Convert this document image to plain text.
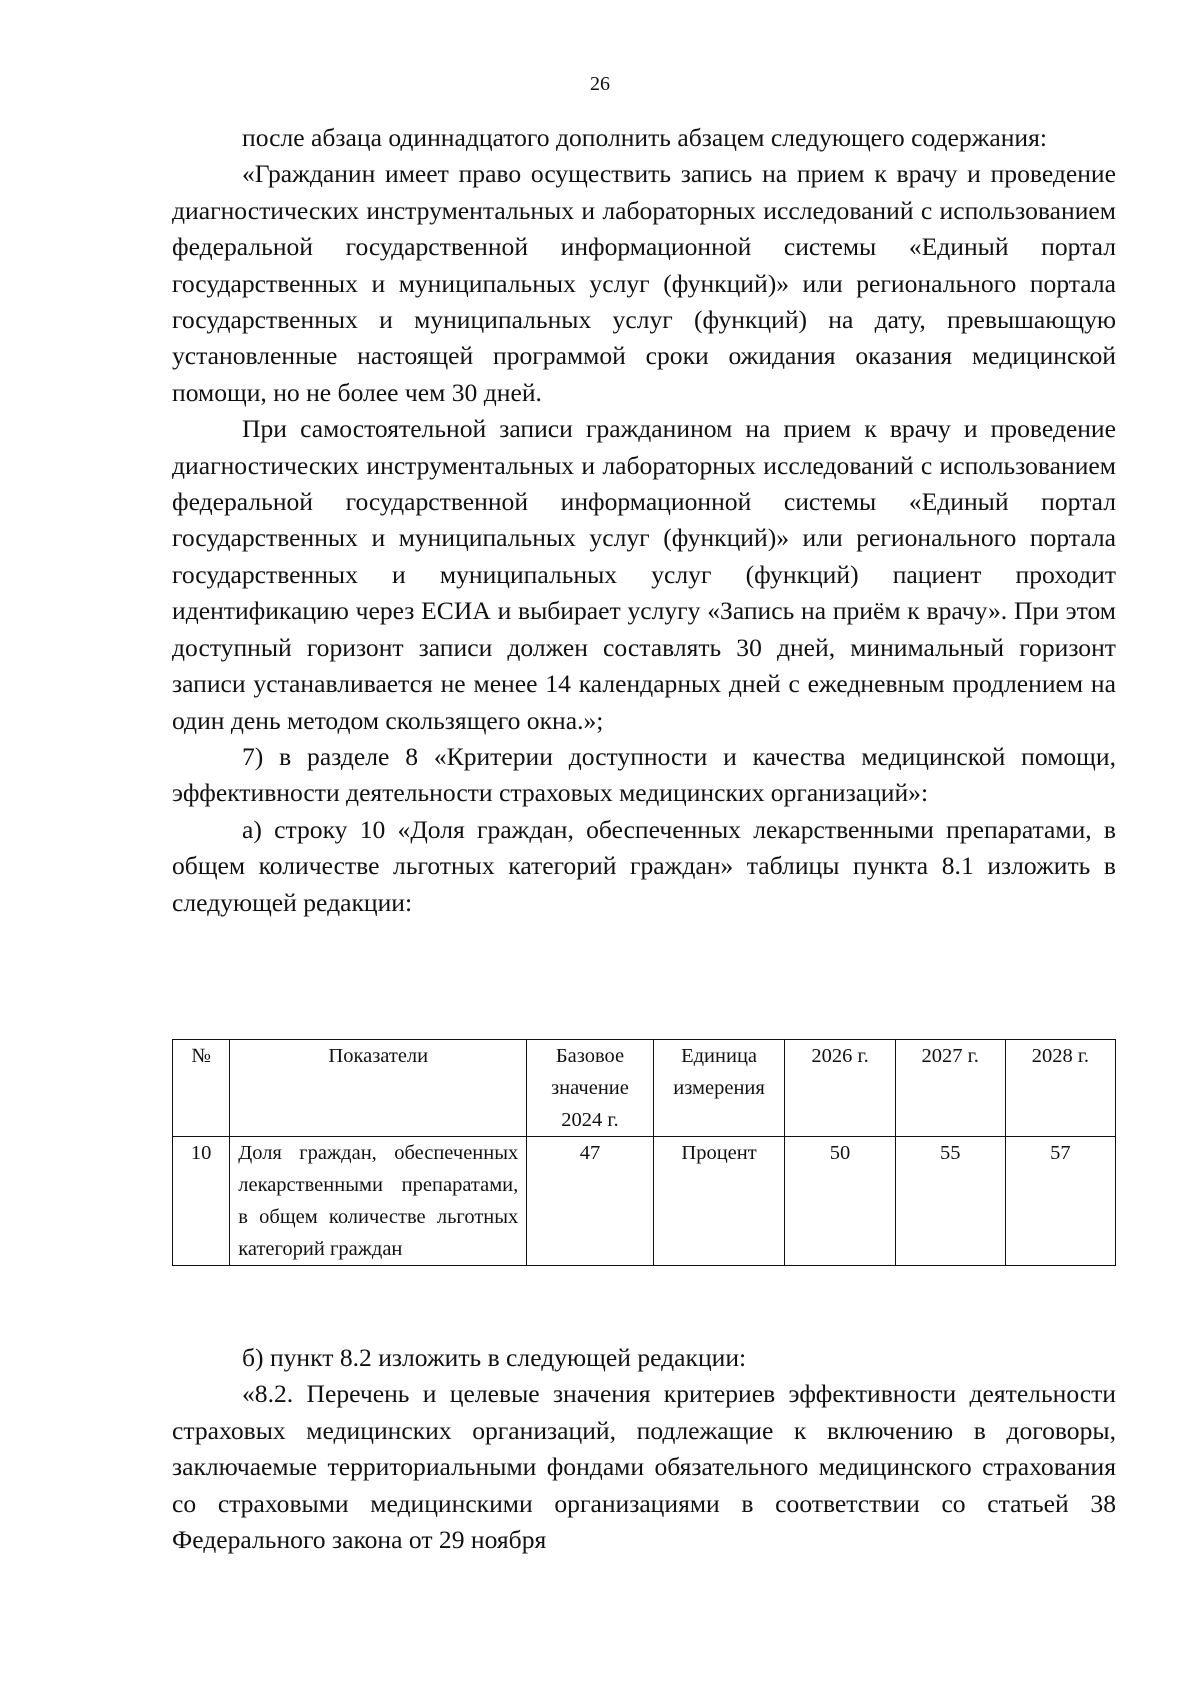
26

после абзаца одиннадцатого дополнить абзацем следующего содержания:

«Гражданин имеет право осуществить запись на прием к врачу и проведение диагностических инструментальных и лабораторных исследований с использованием федеральной государственной информационной системы «Единый портал государственных и муниципальных услуг (функций)» или регионального портала государственных и муниципальных услуг (функций) на дату, превышающую установленные настоящей программой сроки ожидания оказания медицинской помощи, но не более чем 30 дней.

При самостоятельной записи гражданином на прием к врачу и проведение диагностических инструментальных и лабораторных исследований с использованием федеральной государственной информационной системы «Единый портал государственных и муниципальных услуг (функций)» или регионального портала государственных и муниципальных услуг (функций) пациент проходит идентификацию через ЕСИА и выбирает услугу «Запись на приём к врачу». При этом доступный горизонт записи должен составлять 30 дней, минимальный горизонт записи устанавливается не менее 14 календарных дней с ежедневным продлением на один день методом скользящего окна.»;

7) в разделе 8 «Критерии доступности и качества медицинской помощи, эффективности деятельности страховых медицинских организаций»:

а) строку 10 «Доля граждан, обеспеченных лекарственными препаратами, в общем количестве льготных категорий граждан» таблицы пункта 8.1 изложить в следующей редакции:

№	Показатели	Базовое значение 2024 г.	Единица измерения	2026 г.	2027 г.	2028 г.
10	Доля граждан, обеспеченных лекарственными препаратами, в общем количестве льготных категорий граждан	47	Процент	50	55	57

б) пункт 8.2 изложить в следующей редакции:

«8.2. Перечень и целевые значения критериев эффективности деятельности страховых медицинских организаций, подлежащие к включению в договоры, заключаемые территориальными фондами обязательного медицинского страхования со страховыми медицинскими организациями в соответствии со статьей 38 Федерального закона от 29 ноября
